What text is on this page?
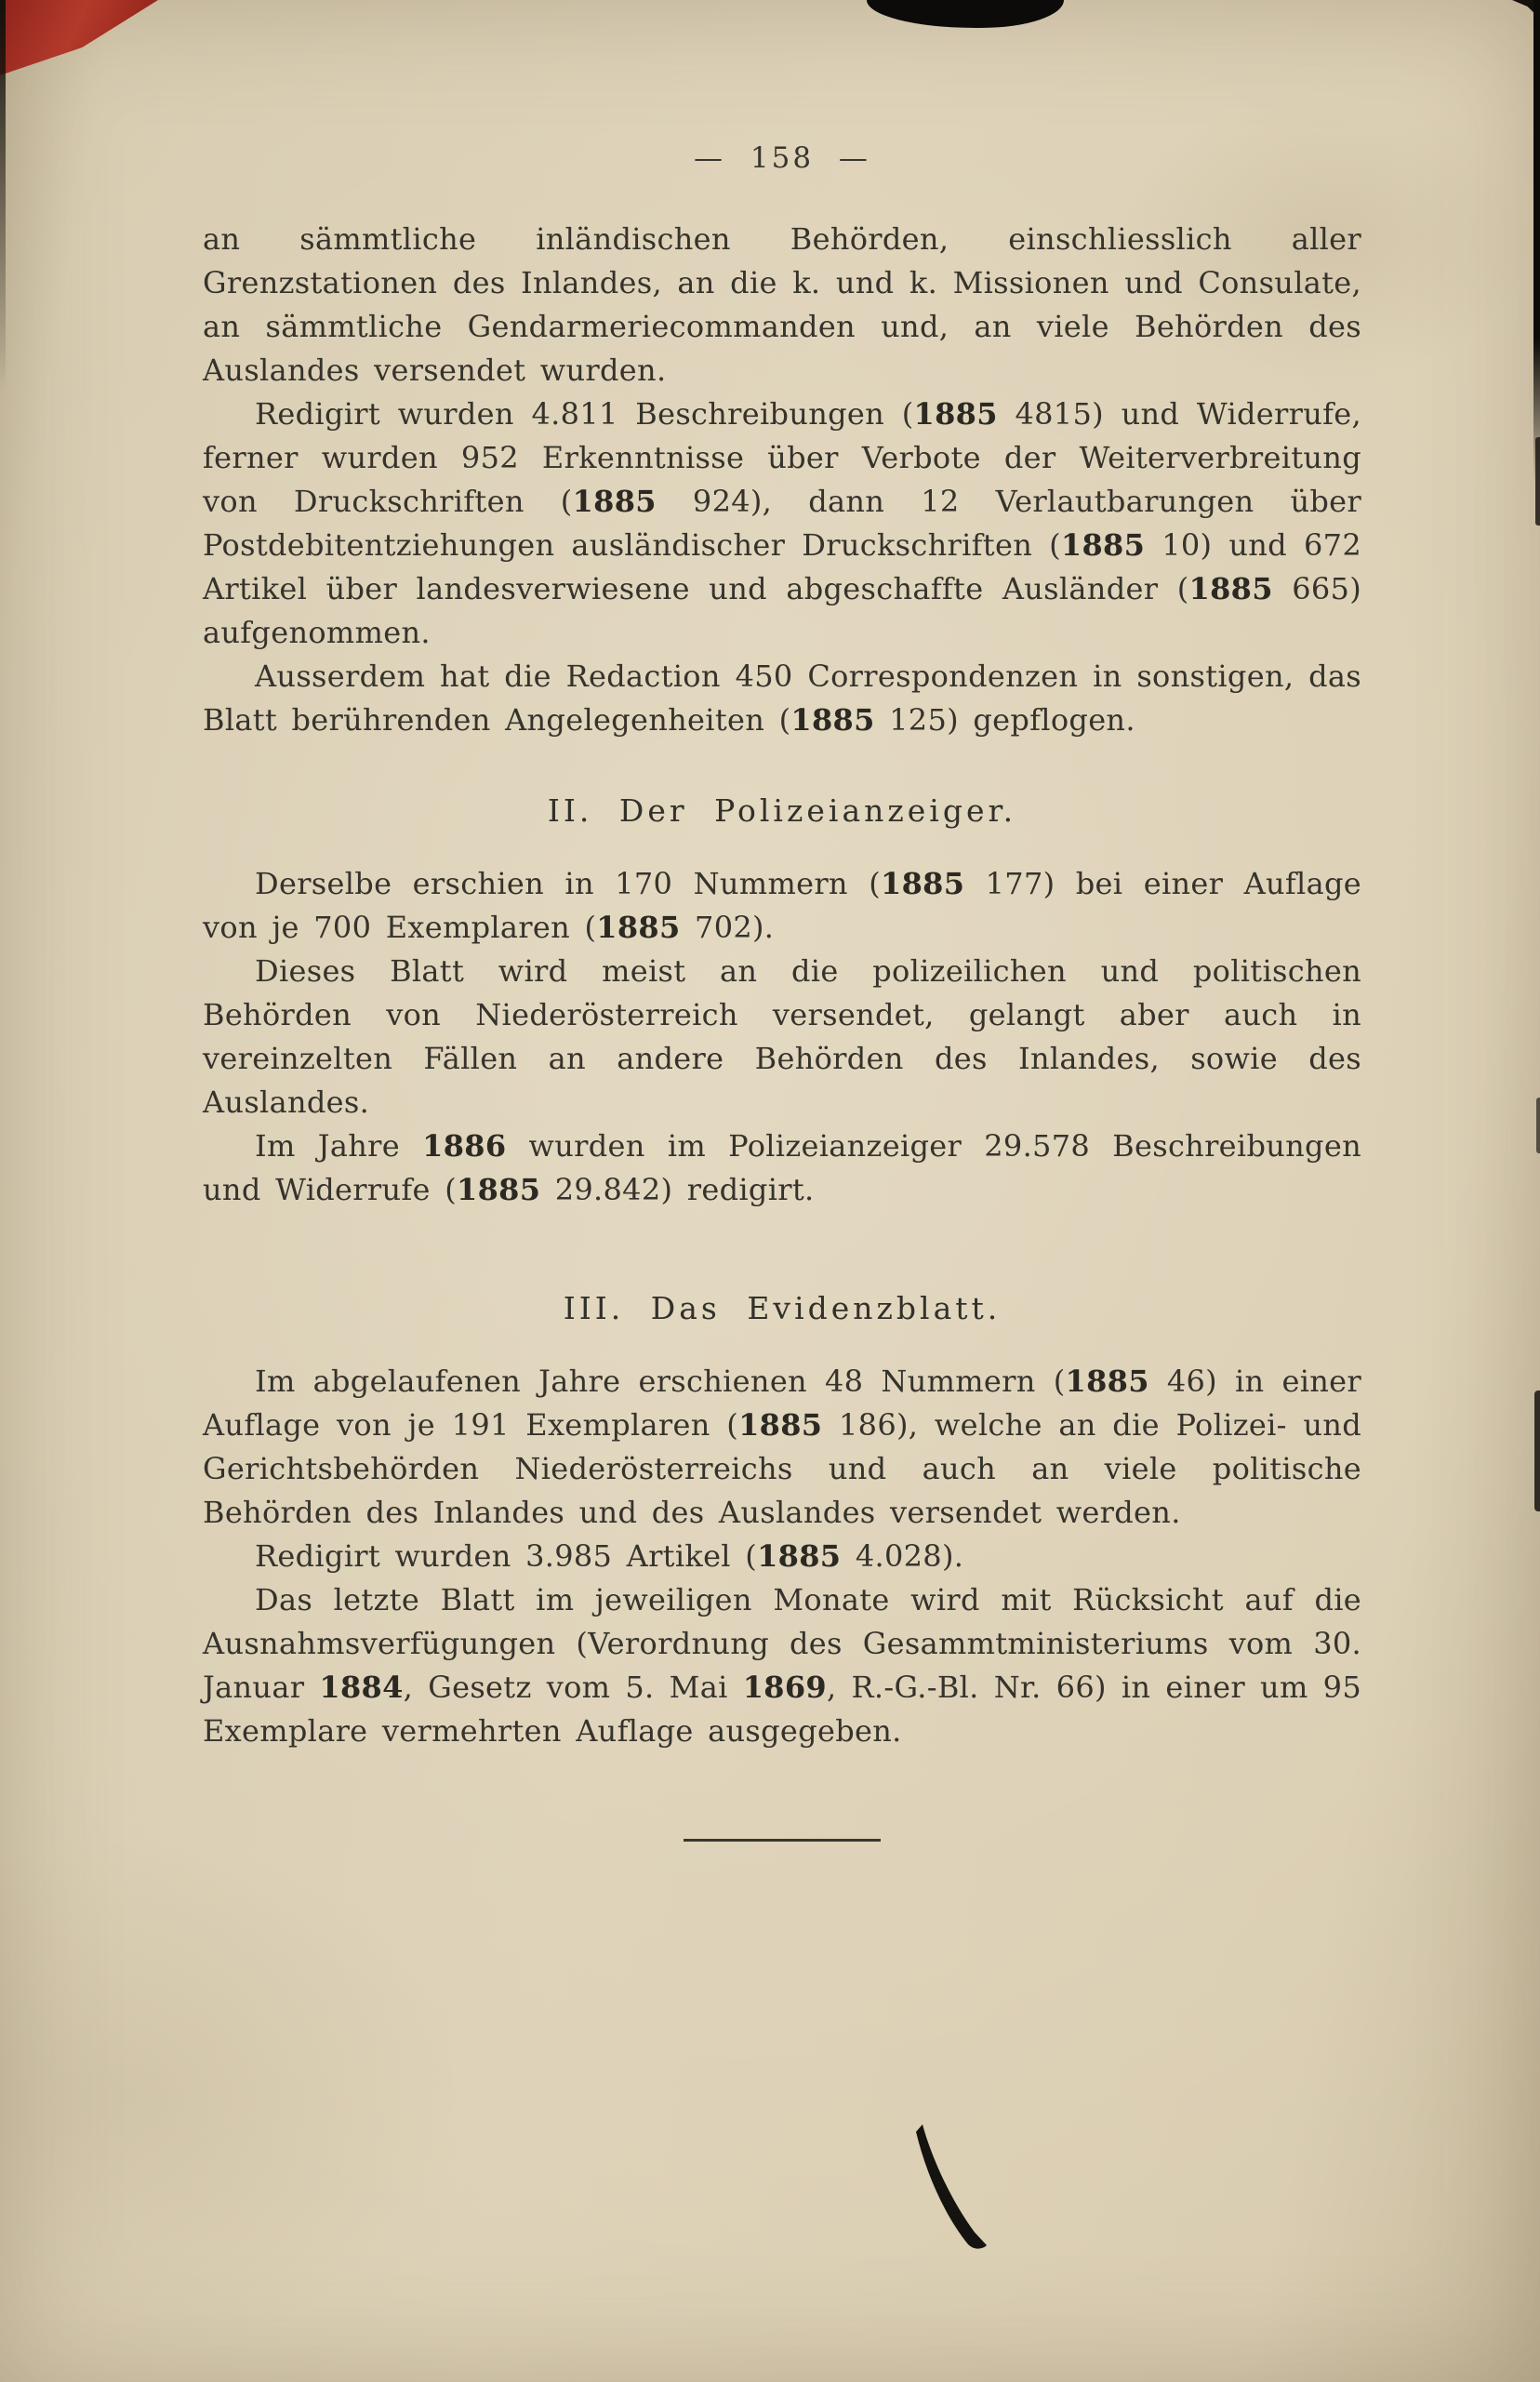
— 158 —

an sämmtliche inländischen Behörden, einschliesslich aller Grenzstationen des Inlandes, an die k. und k. Missionen und Consulate, an sämmtliche Gendarmeriecommanden und, an viele Behörden des Auslandes versendet wurden.

Redigirt wurden 4.811 Beschreibungen (1885 4815) und Widerrufe, ferner wurden 952 Erkenntnisse über Verbote der Weiterverbreitung von Druckschriften (1885 924), dann 12 Verlautbarungen über Postdebitentziehungen ausländischer Druckschriften (1885 10) und 672 Artikel über landesverwiesene und abgeschaffte Ausländer (1885 665) aufgenommen.

Ausserdem hat die Redaction 450 Correspondenzen in sonstigen, das Blatt berührenden Angelegenheiten (1885 125) gepflogen.

II. Der Polizeianzeiger.

Derselbe erschien in 170 Nummern (1885 177) bei einer Auflage von je 700 Exemplaren (1885 702).

Dieses Blatt wird meist an die polizeilichen und politischen Behörden von Niederösterreich versendet, gelangt aber auch in vereinzelten Fällen an andere Behörden des Inlandes, sowie des Auslandes.

Im Jahre 1886 wurden im Polizeianzeiger 29.578 Beschreibungen und Widerrufe (1885 29.842) redigirt.

III. Das Evidenzblatt.

Im abgelaufenen Jahre erschienen 48 Nummern (1885 46) in einer Auflage von je 191 Exemplaren (1885 186), welche an die Polizei- und Gerichtsbehörden Niederösterreichs und auch an viele politische Behörden des Inlandes und des Auslandes versendet werden.

Redigirt wurden 3.985 Artikel (1885 4.028).

Das letzte Blatt im jeweiligen Monate wird mit Rücksicht auf die Ausnahmsverfügungen (Verordnung des Gesammtministeriums vom 30. Januar 1884, Gesetz vom 5. Mai 1869, R.-G.-Bl. Nr. 66) in einer um 95 Exemplare vermehrten Auflage ausgegeben.
